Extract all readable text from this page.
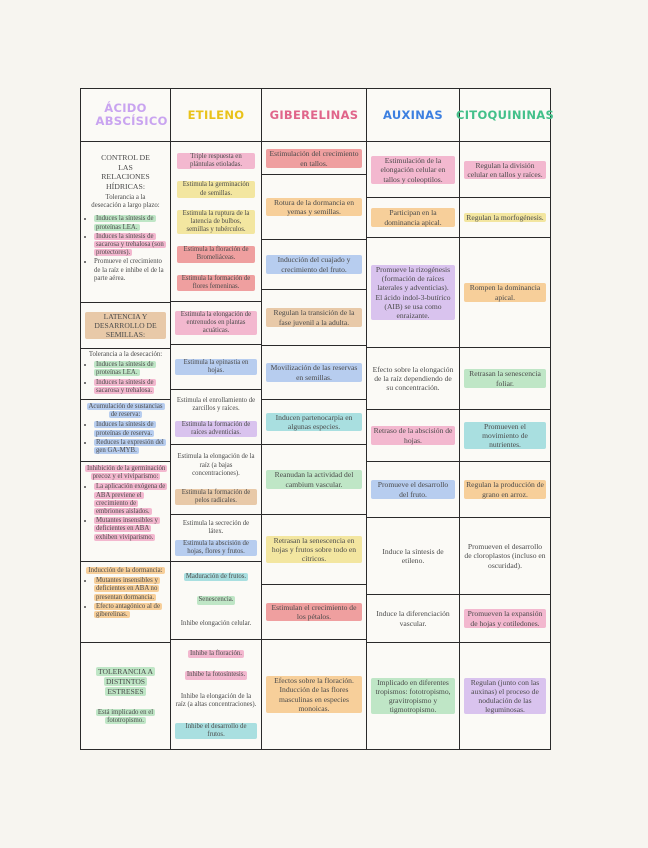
ÁCIDO ABSCÍSICO ETILENO GIBERELINAS AUXINAS CITOQUININAS
CONTROL DE LAS RELACIONES HÍDRICAS:
Tolerancia a la desecación a largo plazo:
• Induces la síntesis de proteínas LEA.
• Induces la síntesis de sacarosa y trehalosa (son protectores).
• Promueve el crecimiento de la raíz e inhibe el de la parte aérea.
LATENCIA Y DESARROLLO DE SEMILLAS:
Tolerancia a la desecación:
• Induces la síntesis de proteínas LEA.
• Induces la síntesis de sacarosa y trehalosa.
Acumulación de sustancias de reserva:
• Induces la síntesis de proteínas de reserva.
• Reduces la expresión del gen GA-MYB.
Inhibición de la germinación precoz y el viviparismo:
• La aplicación exógena de ABA previene el crecimiento de embriones aislados.
• Mutantes insensibles y deficientes en ABA exhiben viviparismo.
Inducción de la dormancia:
• Mutantes insensibles y deficientes en ABA no presentan dormancia.
• Efecto antagónico al de giberelinas.
TOLERANCIA A DISTINTOS ESTRESES
Está implicado en el fototropismo.
Triple respuesta en plántulas etioladas.
Estimula la germinación de semillas.
Estimula la ruptura de la latencia de bulbos, semillas y tubérculos.
Estimula la floración de Bromeliáceas.
Estimula la formación de flores femeninas.
Estimula la elongación de entrenudos en plantas acuáticas.
Estimula la epinastia en hojas.
Estimula el enrollamiento de zarcillos y raíces.
Estimula la formación de raíces adventicias.
Estimula la elongación de la raíz (a bajas concentraciones).
Estimula la formación de pelos radicales.
Estimula la secreción de látex.
Estimula la abscisión de hojas, flores y frutos.
Maduración de frutos.
Senescencia.
Inhibe elongación celular.
Inhibe la floración.
Inhibe la fotosíntesis.
Inhibe la elongación de la raíz (a altas concentraciones).
Inhibe el desarrollo de frutos.
Estimulación del crecimiento en tallos.
Rotura de la dormancia en yemas y semillas.
Inducción del cuajado y crecimiento del fruto.
Regulan la transición de la fase juvenil a la adulta.
Movilización de las reservas en semillas.
Inducen partenocarpia en algunas especies.
Reanudan la actividad del cambium vascular.
Retrasan la senescencia en hojas y frutos sobre todo en cítricos.
Estimulan el crecimiento de los pétalos.
Efectos sobre la floración. Inducción de las flores masculinas en especies monoicas.
Estimulación de la elongación celular en tallos y coleoptilos.
Participan en la dominancia apical.
Promueve la rizogénesis (formación de raíces laterales y adventicias). El ácido indol-3-butírico (AIB) se usa como enraizante.
Efecto sobre la elongación de la raíz dependiendo de su concentración.
Retraso de la abscisión de hojas.
Promueve el desarrollo del fruto.
Induce la síntesis de etileno.
Induce la diferenciación vascular.
Implicado en diferentes tropismos: fototropismo, gravitropismo y tigmotropismo.
Regulan la división celular en tallos y raíces.
Regulan la morfogénesis.
Rompen la dominancia apical.
Retrasan la senescencia foliar.
Promueven el movimiento de nutrientes.
Regulan la producción de grano en arroz.
Promueven el desarrollo de cloroplastos (incluso en oscuridad).
Promueven la expansión de hojas y cotiledones.
Regulan (junto con las auxinas) el proceso de nodulación de las leguminosas.
